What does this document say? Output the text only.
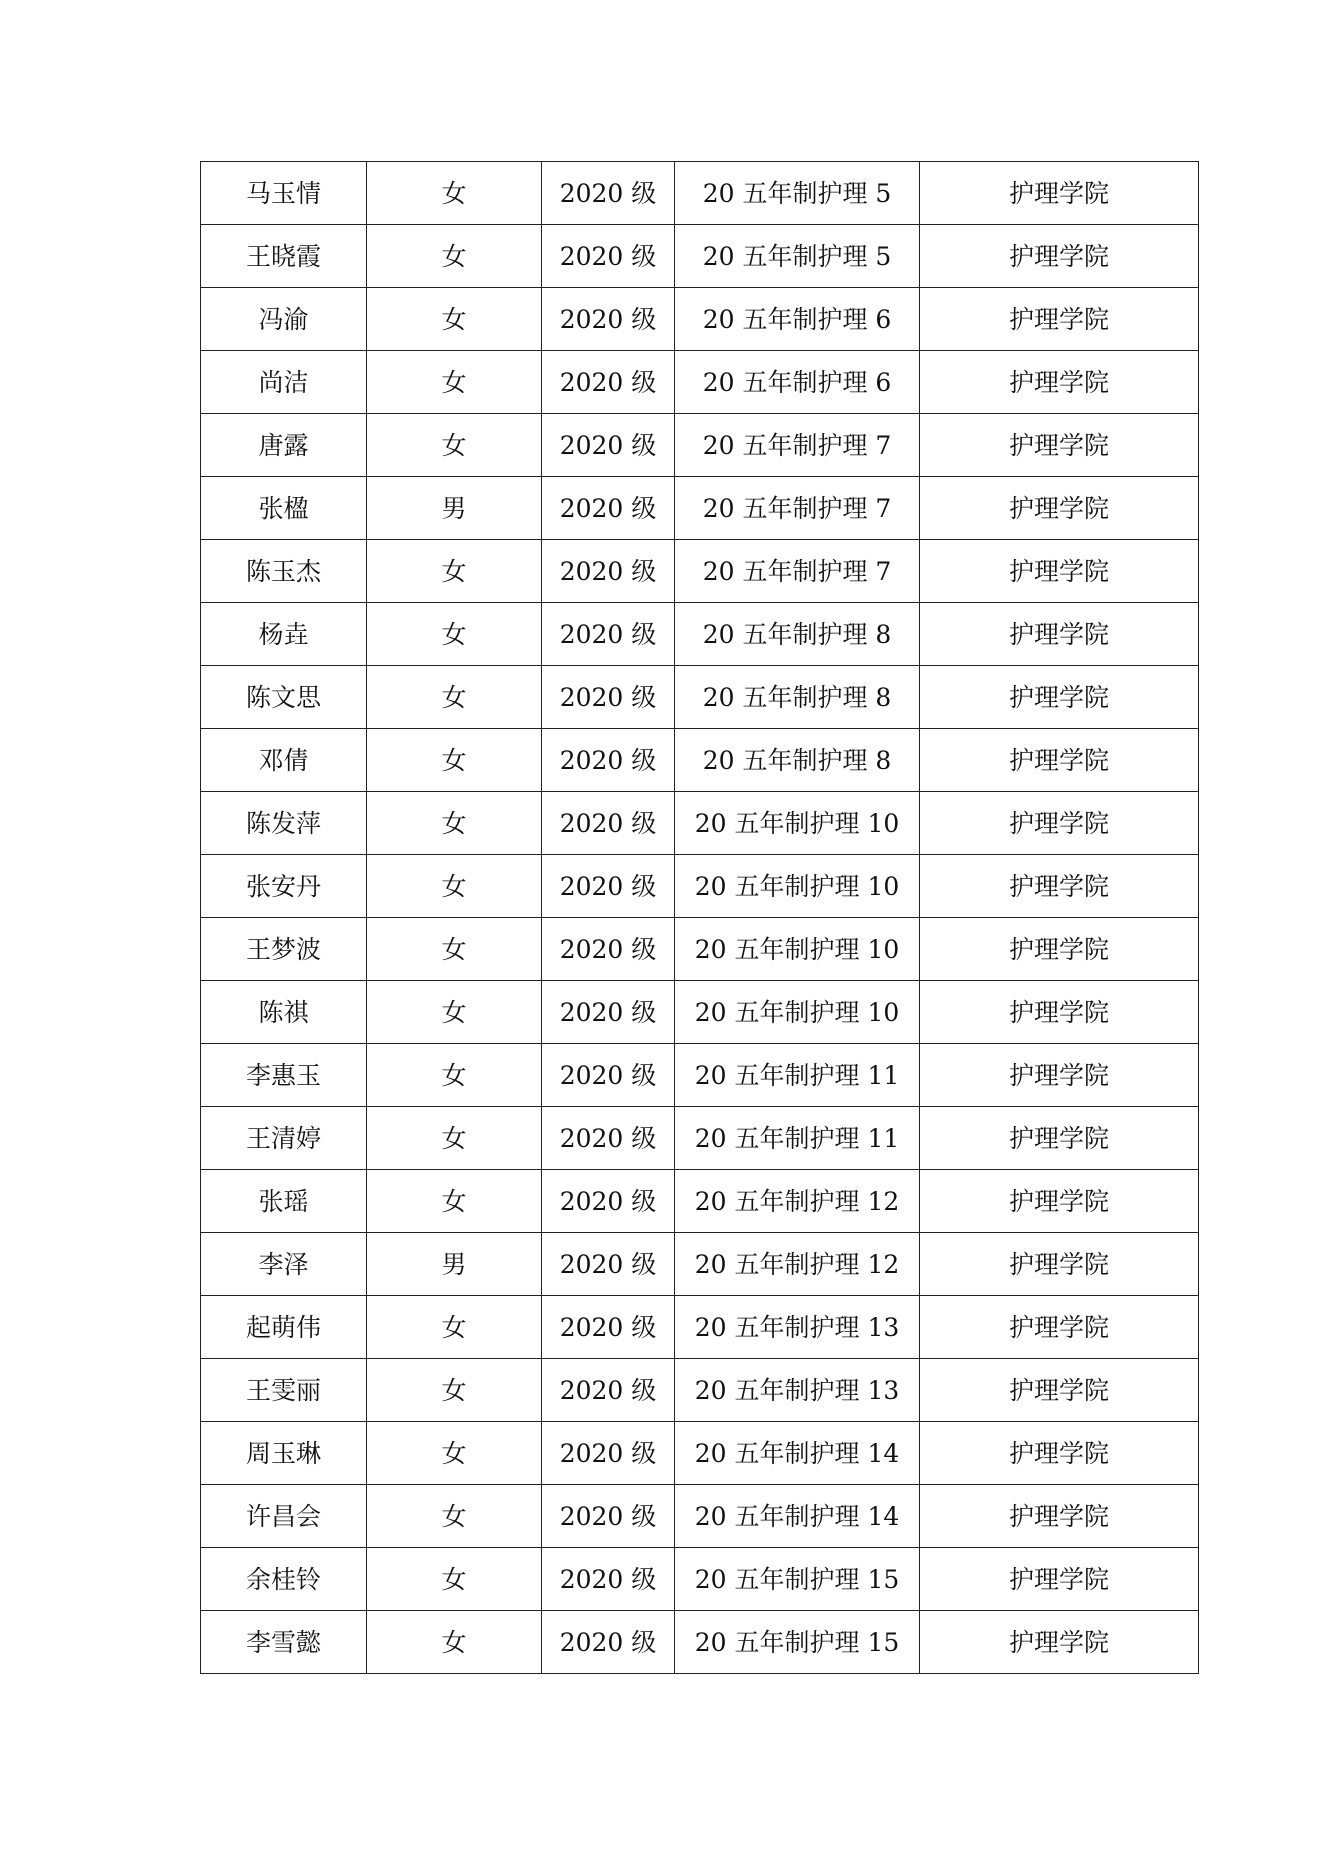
马玉情	女	2020 级	20 五年制护理 5	护理学院
王晓霞	女	2020 级	20 五年制护理 5	护理学院
冯渝	女	2020 级	20 五年制护理 6	护理学院
尚洁	女	2020 级	20 五年制护理 6	护理学院
唐露	女	2020 级	20 五年制护理 7	护理学院
张楹	男	2020 级	20 五年制护理 7	护理学院
陈玉杰	女	2020 级	20 五年制护理 7	护理学院
杨垚	女	2020 级	20 五年制护理 8	护理学院
陈文思	女	2020 级	20 五年制护理 8	护理学院
邓倩	女	2020 级	20 五年制护理 8	护理学院
陈发萍	女	2020 级	20 五年制护理 10	护理学院
张安丹	女	2020 级	20 五年制护理 10	护理学院
王梦波	女	2020 级	20 五年制护理 10	护理学院
陈祺	女	2020 级	20 五年制护理 10	护理学院
李惠玉	女	2020 级	20 五年制护理 11	护理学院
王清婷	女	2020 级	20 五年制护理 11	护理学院
张瑶	女	2020 级	20 五年制护理 12	护理学院
李泽	男	2020 级	20 五年制护理 12	护理学院
起萌伟	女	2020 级	20 五年制护理 13	护理学院
王雯丽	女	2020 级	20 五年制护理 13	护理学院
周玉琳	女	2020 级	20 五年制护理 14	护理学院
许昌会	女	2020 级	20 五年制护理 14	护理学院
余桂铃	女	2020 级	20 五年制护理 15	护理学院
李雪懿	女	2020 级	20 五年制护理 15	护理学院
